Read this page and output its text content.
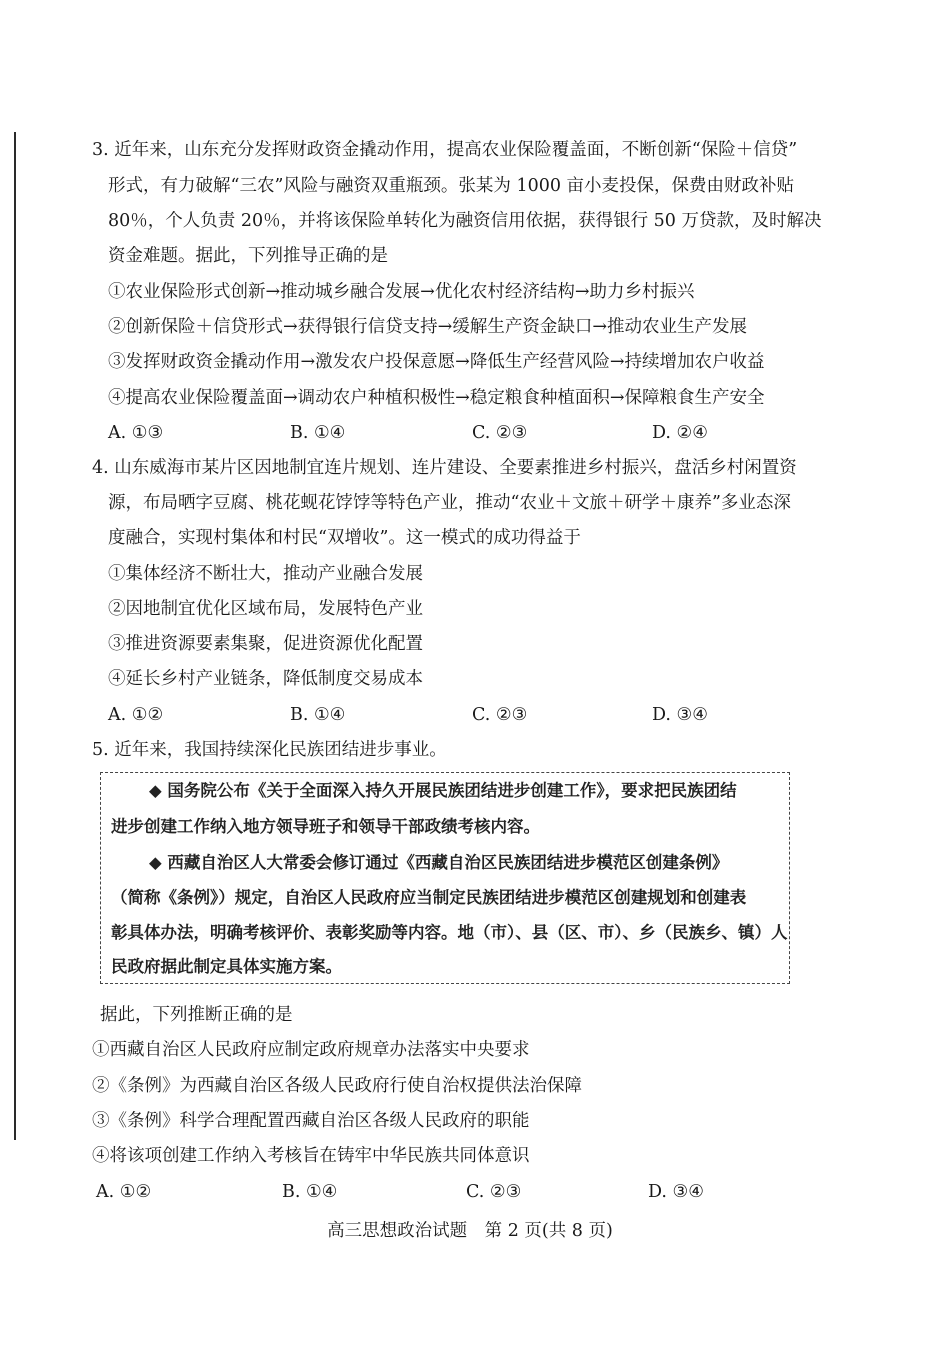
3. 近年来，山东充分发挥财政资金撬动作用，提高农业保险覆盖面，不断创新“保险＋信贷”
形式，有力破解“三农”风险与融资双重瓶颈。张某为 1000 亩小麦投保，保费由财政补贴
80％，个人负责 20％，并将该保险单转化为融资信用依据，获得银行 50 万贷款，及时解决
资金难题。据此，下列推导正确的是
①农业保险形式创新→推动城乡融合发展→优化农村经济结构→助力乡村振兴
②创新保险＋信贷形式→获得银行信贷支持→缓解生产资金缺口→推动农业生产发展
③发挥财政资金撬动作用→激发农户投保意愿→降低生产经营风险→持续增加农户收益
④提高农业保险覆盖面→调动农户种植积极性→稳定粮食种植面积→保障粮食生产安全
A. ①③	B. ①④	C. ②③	D. ②④
4. 山东威海市某片区因地制宜连片规划、连片建设、全要素推进乡村振兴，盘活乡村闲置资
源，布局晒字豆腐、桃花蚬花饽饽等特色产业，推动“农业＋文旅＋研学＋康养”多业态深
度融合，实现村集体和村民“双增收”。这一模式的成功得益于
①集体经济不断壮大，推动产业融合发展
②因地制宜优化区域布局，发展特色产业
③推进资源要素集聚，促进资源优化配置
④延长乡村产业链条，降低制度交易成本
A. ①②	B. ①④	C. ②③	D. ③④
5. 近年来，我国持续深化民族团结进步事业。
◆ 国务院公布《关于全面深入持久开展民族团结进步创建工作》，要求把民族团结
进步创建工作纳入地方领导班子和领导干部政绩考核内容。
◆ 西藏自治区人大常委会修订通过《西藏自治区民族团结进步模范区创建条例》
（简称《条例》）规定，自治区人民政府应当制定民族团结进步模范区创建规划和创建表
彰具体办法，明确考核评价、表彰奖励等内容。地（市）、县（区、市）、乡（民族乡、镇）人
民政府据此制定具体实施方案。
据此，下列推断正确的是
①西藏自治区人民政府应制定政府规章办法落实中央要求
②《条例》为西藏自治区各级人民政府行使自治权提供法治保障
③《条例》科学合理配置西藏自治区各级人民政府的职能
④将该项创建工作纳入考核旨在铸牢中华民族共同体意识
A. ①②	B. ①④	C. ②③	D. ③④
高三思想政治试题　第 2 页(共 8 页)
